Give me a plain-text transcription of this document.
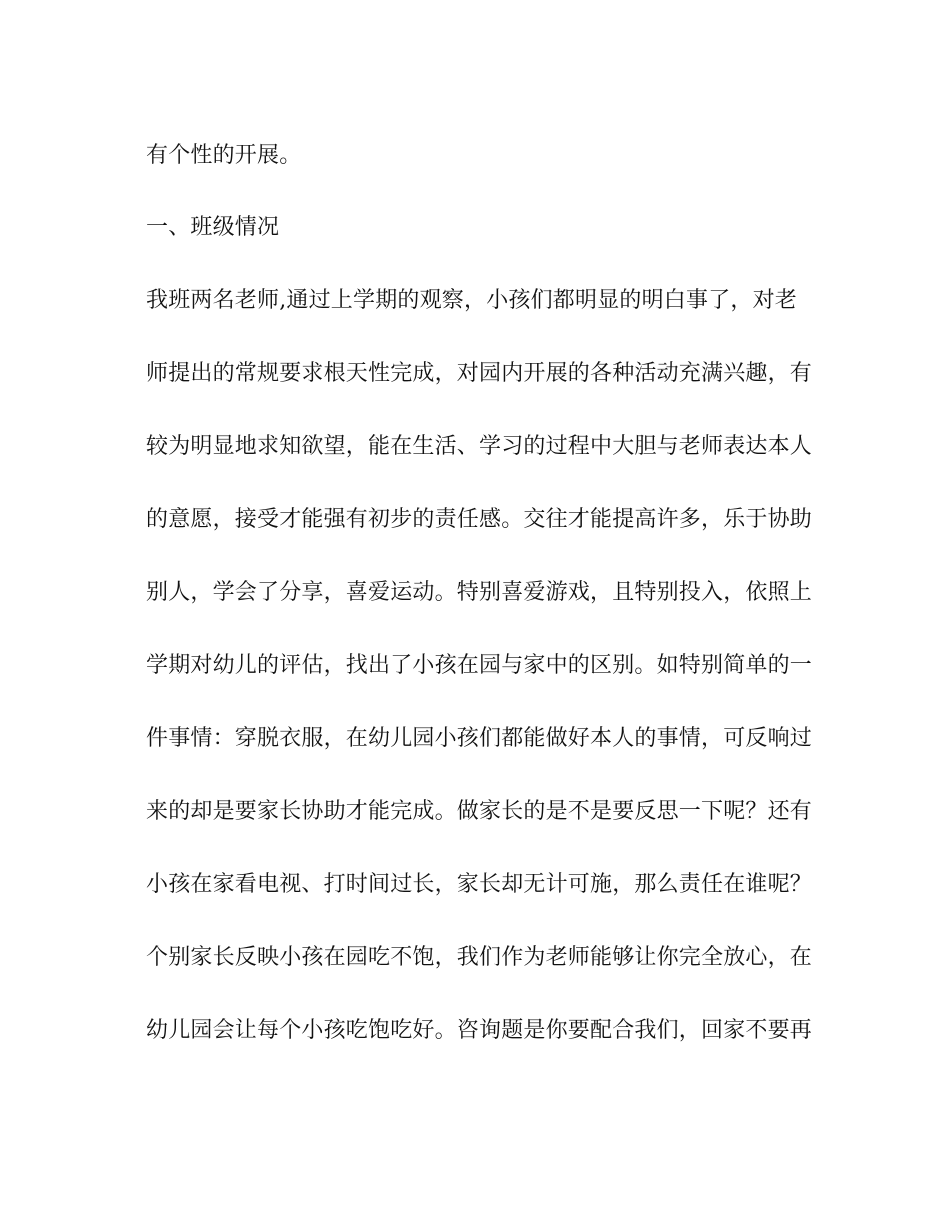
有个性的开展。
一、班级情况
我班两名老师,通过上学期的观察，小孩们都明显的明白事了，对老
师提出的常规要求根天性完成，对园内开展的各种活动充满兴趣，有
较为明显地求知欲望，能在生活、学习的过程中大胆与老师表达本人
的意愿，接受才能强有初步的责任感。交往才能提高许多，乐于协助
别人，学会了分享，喜爱运动。特别喜爱游戏，且特别投入，依照上
学期对幼儿的评估，找出了小孩在园与家中的区别。如特别简单的一
件事情：穿脱衣服，在幼儿园小孩们都能做好本人的事情，可反响过
来的却是要家长协助才能完成。做家长的是不是要反思一下呢？还有
小孩在家看电视、打时间过长，家长却无计可施，那么责任在谁呢？
个别家长反映小孩在园吃不饱，我们作为老师能够让你完全放心，在
幼儿园会让每个小孩吃饱吃好。咨询题是你要配合我们，回家不要再
